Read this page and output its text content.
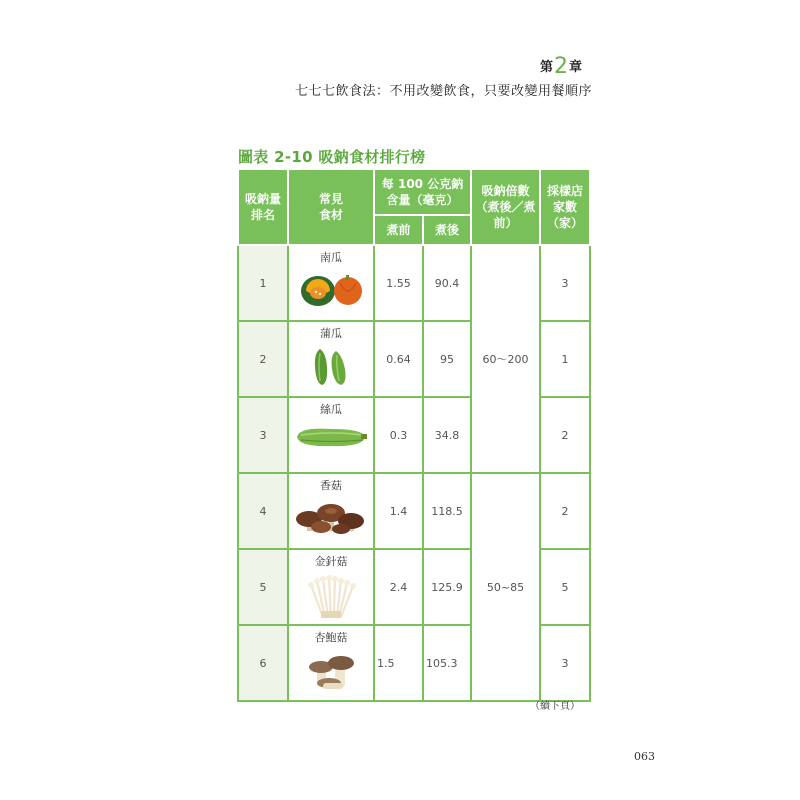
第2章
七七七飲食法：不用改變飲食，只要改變用餐順序
圖表 2-10 吸鈉食材排行榜
吸鈉量排名	常見食材	每 100 公克鈉含量（毫克）		吸鈉倍數（煮後／煮前）	採樣店家數（家）
		煮前	煮後		
1	南瓜	1.55	90.4	60～200	3
2	蒲瓜	0.64	95		1
3	絲瓜	0.3	34.8		2
4	香菇	1.4	118.5	50~85	2
5	金針菇	2.4	125.9		5
6	杏鮑菇	1.5	105.3		3
（續下頁）
063
